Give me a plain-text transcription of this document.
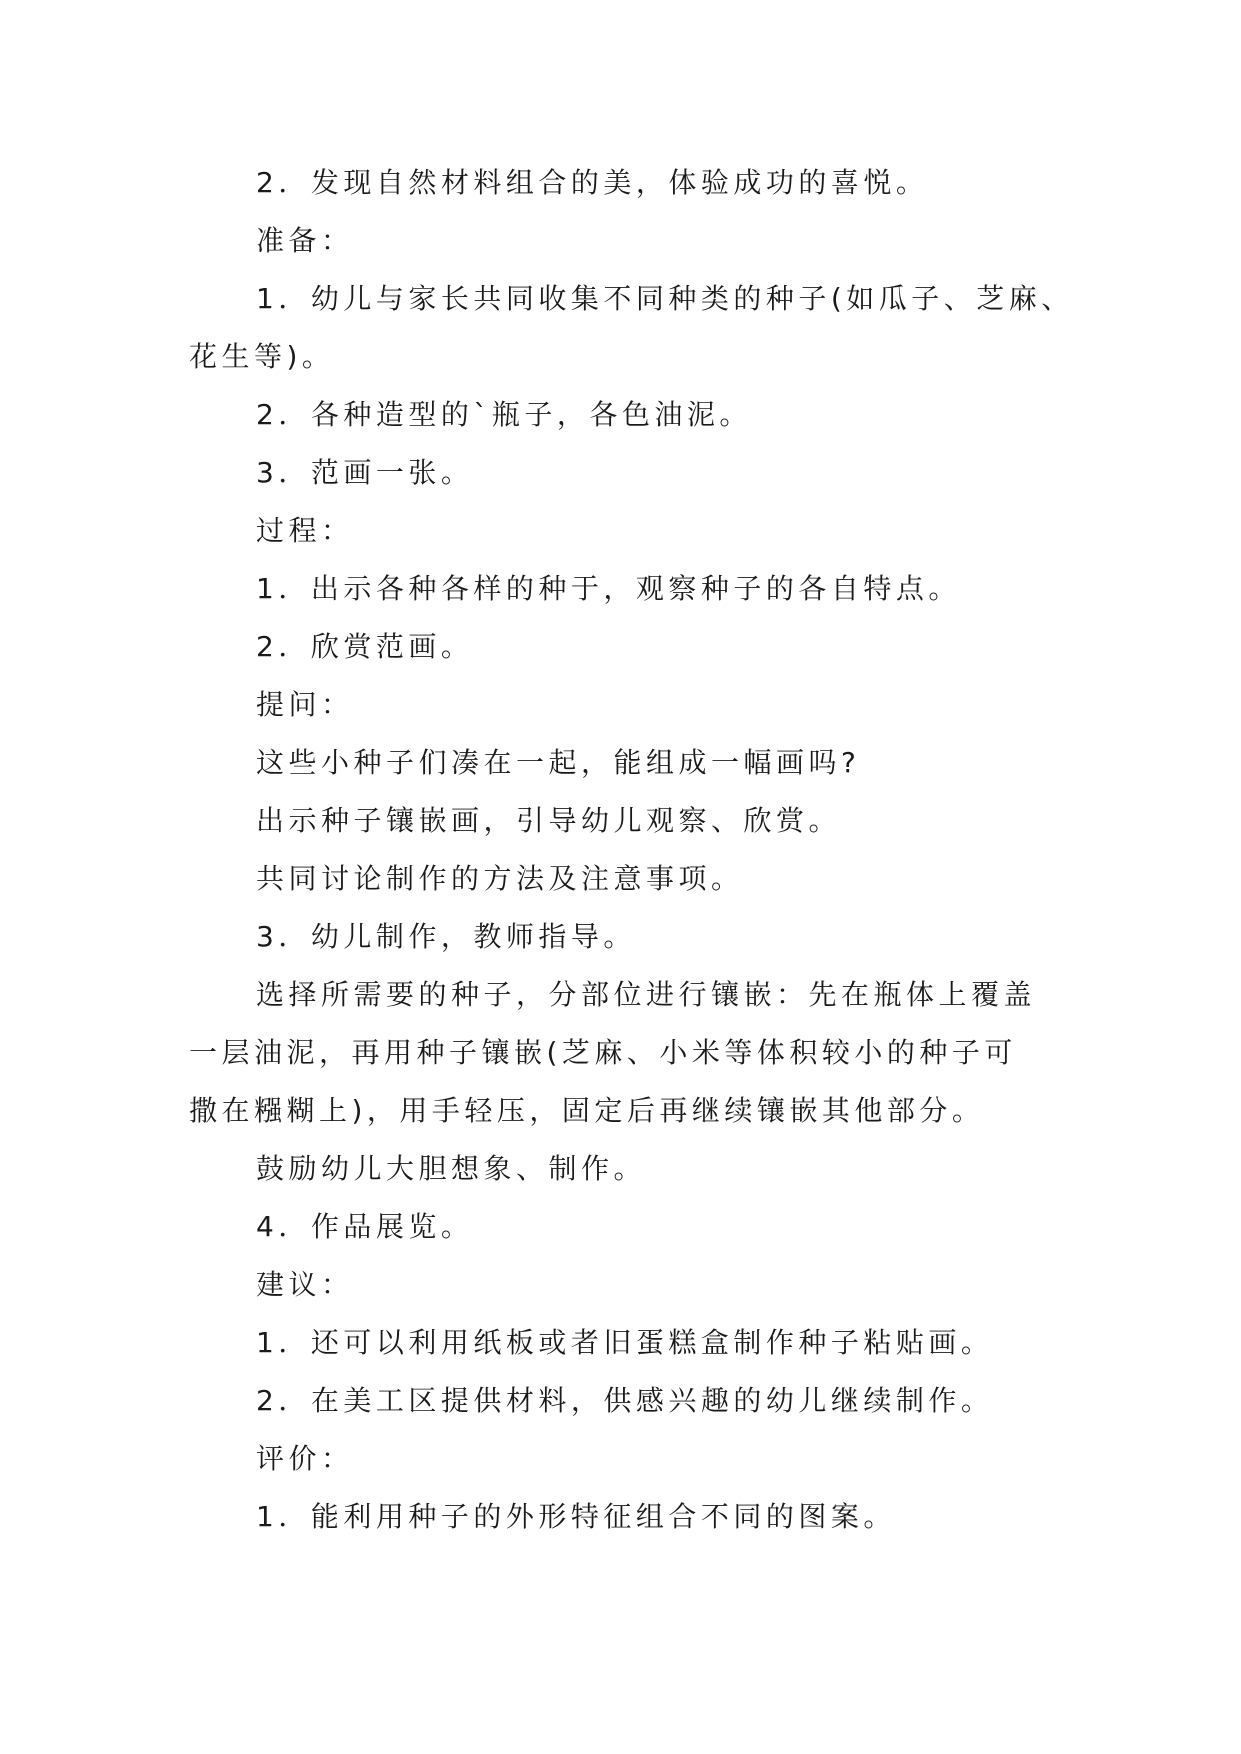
2．发现自然材料组合的美，体验成功的喜悦。
准备：
1．幼儿与家长共同收集不同种类的种子(如瓜子、芝麻、
花生等)。
2．各种造型的`瓶子，各色油泥。
3．范画一张。
过程：
1．出示各种各样的种于，观察种子的各自特点。
2．欣赏范画。
提问：
这些小种子们凑在一起，能组成一幅画吗?
出示种子镶嵌画，引导幼儿观察、欣赏。
共同讨论制作的方法及注意事项。
3．幼儿制作，教师指导。
选择所需要的种子，分部位进行镶嵌：先在瓶体上覆盖
一层油泥，再用种子镶嵌(芝麻、小米等体积较小的种子可
撒在糨糊上)，用手轻压，固定后再继续镶嵌其他部分。
鼓励幼儿大胆想象、制作。
4．作品展览。
建议：
1．还可以利用纸板或者旧蛋糕盒制作种子粘贴画。
2．在美工区提供材料，供感兴趣的幼儿继续制作。
评价：
1．能利用种子的外形特征组合不同的图案。
